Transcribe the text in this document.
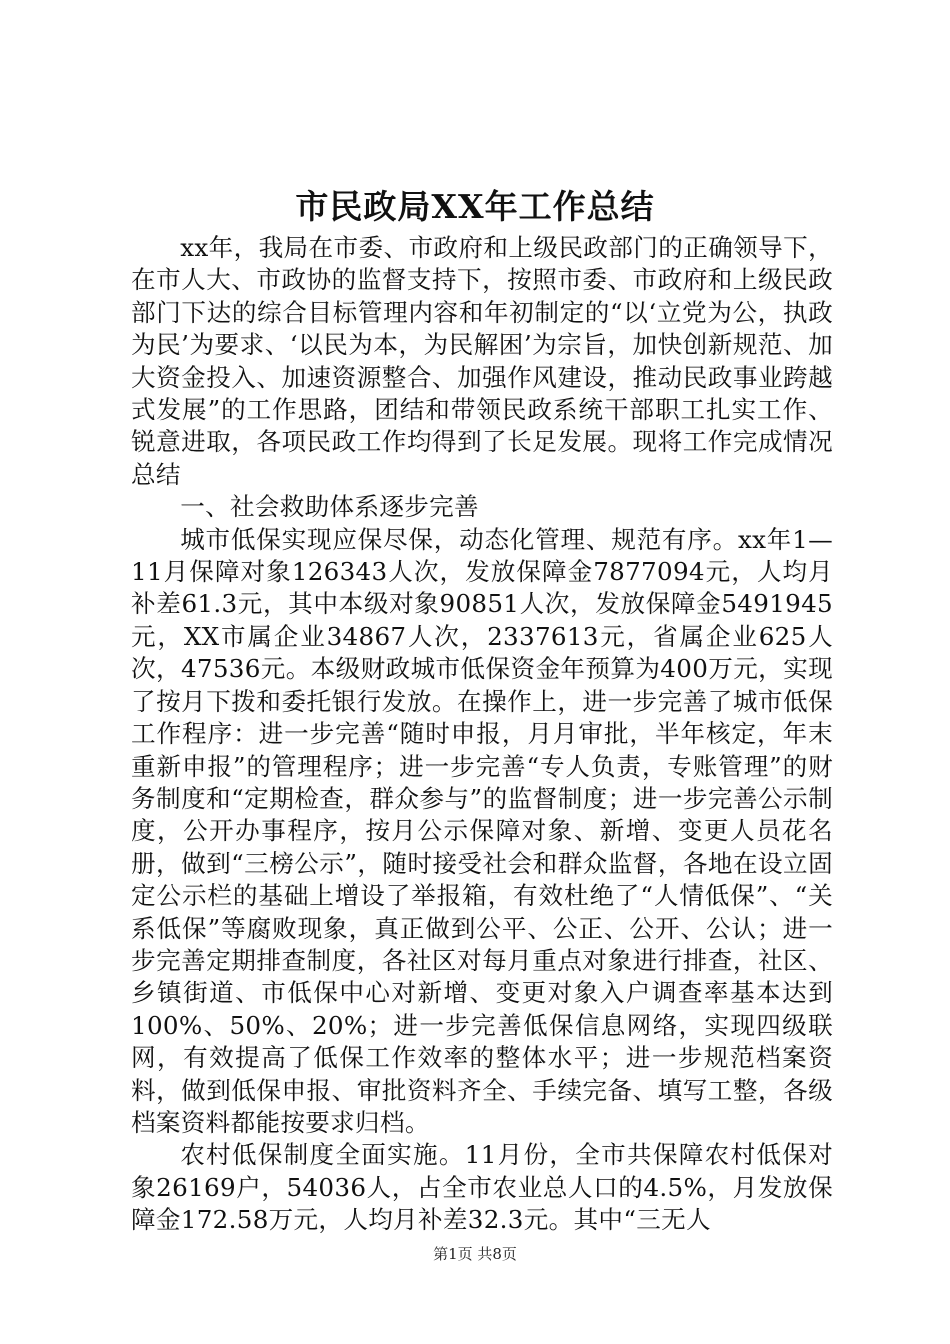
市民政局XX年工作总结

xx年，我局在市委、市政府和上级民政部门的正确领导下，在市人大、市政协的监督支持下，按照市委、市政府和上级民政部门下达的综合目标管理内容和年初制定的“以‘立党为公，执政为民’为要求、‘以民为本，为民解困’为宗旨，加快创新规范、加大资金投入、加速资源整合、加强作风建设，推动民政事业跨越式发展”的工作思路，团结和带领民政系统干部职工扎实工作、锐意进取，各项民政工作均得到了长足发展。现将工作完成情况总结

一、社会救助体系逐步完善

城市低保实现应保尽保，动态化管理、规范有序。xx年1—11月保障对象126343人次，发放保障金7877094元，人均月补差61.3元，其中本级对象90851人次，发放保障金5491945元，XX市属企业34867人次，2337613元，省属企业625人次，47536元。本级财政城市低保资金年预算为400万元，实现了按月下拨和委托银行发放。在操作上，进一步完善了城市低保工作程序：进一步完善“随时申报，月月审批，半年核定，年末重新申报”的管理程序；进一步完善“专人负责，专账管理”的财务制度和“定期检查，群众参与”的监督制度；进一步完善公示制度，公开办事程序，按月公示保障对象、新增、变更人员花名册，做到“三榜公示”，随时接受社会和群众监督，各地在设立固定公示栏的基础上增设了举报箱，有效杜绝了“人情低保”、“关系低保”等腐败现象，真正做到公平、公正、公开、公认；进一步完善定期排查制度，各社区对每月重点对象进行排查，社区、乡镇街道、市低保中心对新增、变更对象入户调查率基本达到100%、50%、20%；进一步完善低保信息网络，实现四级联网，有效提高了低保工作效率的整体水平；进一步规范档案资料，做到低保申报、审批资料齐全、手续完备、填写工整，各级档案资料都能按要求归档。

农村低保制度全面实施。11月份，全市共保障农村低保对象26169户，54036人，占全市农业总人口的4.5%，月发放保障金172.58万元，人均月补差32.3元。其中“三无人

第1页 共8页
